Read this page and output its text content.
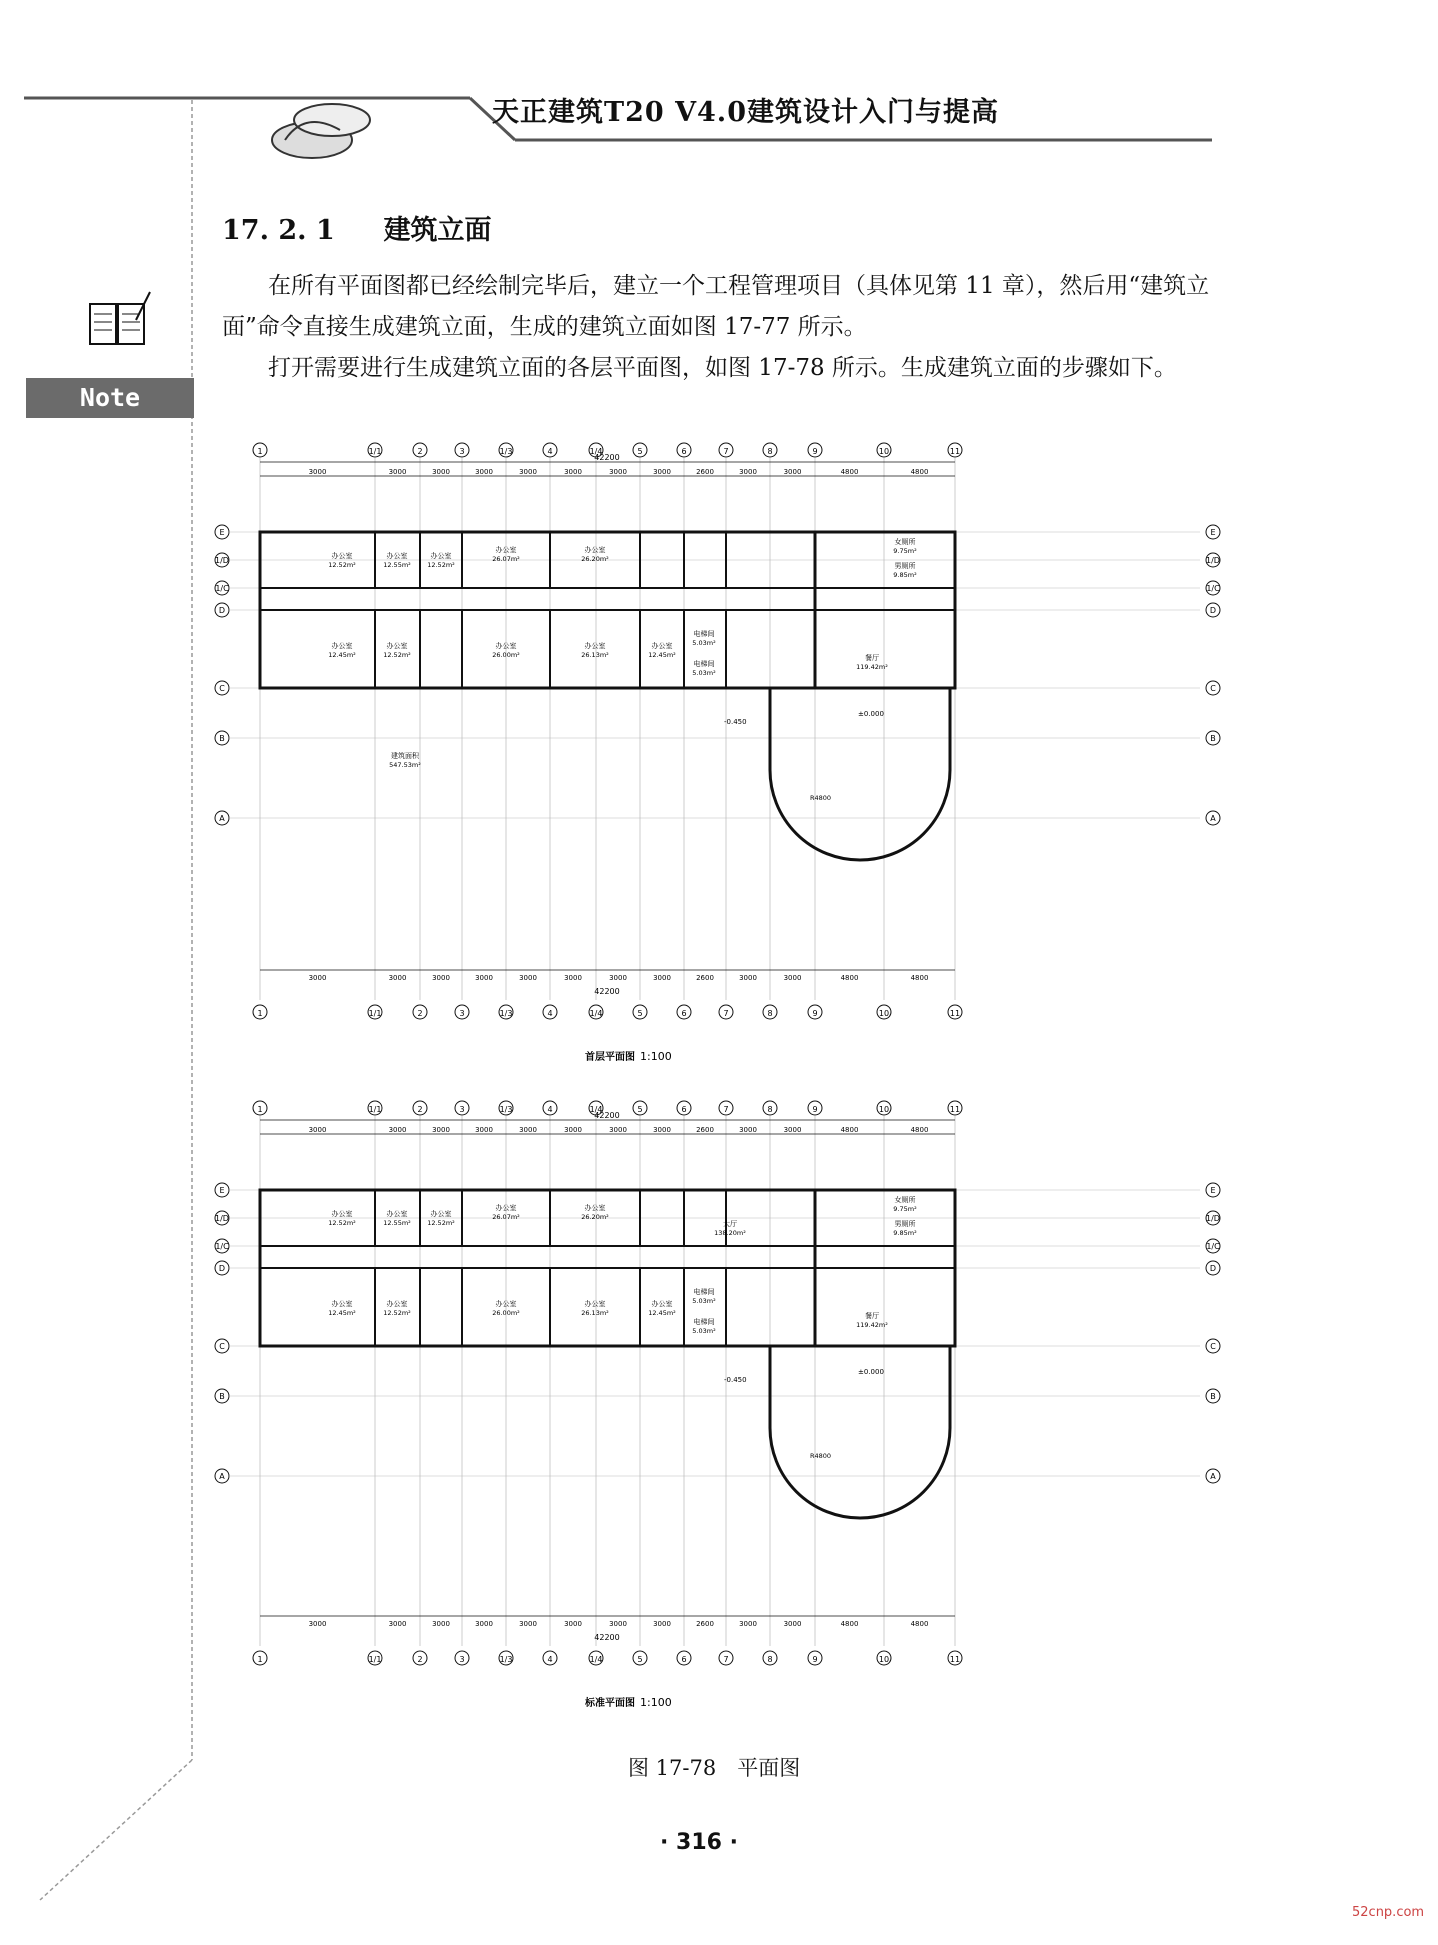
天正建筑T20 V4.0建筑设计入门与提高
Note
17. 2. 1 建筑立面

在所有平面图都已经绘制完毕后，建立一个工程管理项目（具体见第 11 章），然后用“建筑立面”命令直接生成建筑立面，生成的建筑立面如图 17-77 所示。

打开需要进行生成建筑立面的各层平面图，如图 17-78 所示。生成建筑立面的步骤如下。

1
1
1/1
1/1
2
2
3
3
1/3
1/3
4
4
1/4
1/4
5
5
6
6
7
7
8
8
9
9
10
10
11
11
42200
3000	3000	3000	3000	3000	3000	3000	3000	2600	3000	3000	4800	4800
E	E
1/D	1/D
1/C	1/C
D	D
C	C
B	B
A	A
办公室
12.52m²
办公室
12.55m²
办公室
12.52m²
办公室
26.07m²
办公室
26.20m²
办公室
12.45m²
办公室
12.52m²
办公室
26.00m²
办公室
26.13m²
办公室
12.45m²
电梯间
5.03m²
电梯间
5.03m²
餐厅
119.42m²
女厕所
9.75m²
男厕所
9.85m²
建筑面积
547.53m²
±0.000
-0.450
R4800
3000	3000	3000	3000	3000	3000	3000	3000	2600	3000	3000	4800	4800
42200
首层平面图 1:100
1
1
1/1
1/1
2
2
3
3
1/3
1/3
4
4
1/4
1/4
5
5
6
6
7
7
8
8
9
9
10
10
11
11
42200
3000	3000	3000	3000	3000	3000	3000	3000	2600	3000	3000	4800	4800
E	E
1/D	1/D
1/C	1/C
D	D
C	C
B	B
A	A
办公室
12.52m²
办公室
12.55m²
办公室
12.52m²
办公室
26.07m²
办公室
26.20m²
大厅
138.20m²
办公室
12.45m²
办公室
12.52m²
办公室
26.00m²
办公室
26.13m²
办公室
12.45m²
电梯间
5.03m²
电梯间
5.03m²
餐厅
119.42m²
女厕所
9.75m²
男厕所
9.85m²
±0.000
-0.450
R4800
3000	3000	3000	3000	3000	3000	3000	3000	2600	3000	3000	4800	4800
42200
标准平面图 1:100
图 17-78　平面图
· 316 ·
52cnp.com
